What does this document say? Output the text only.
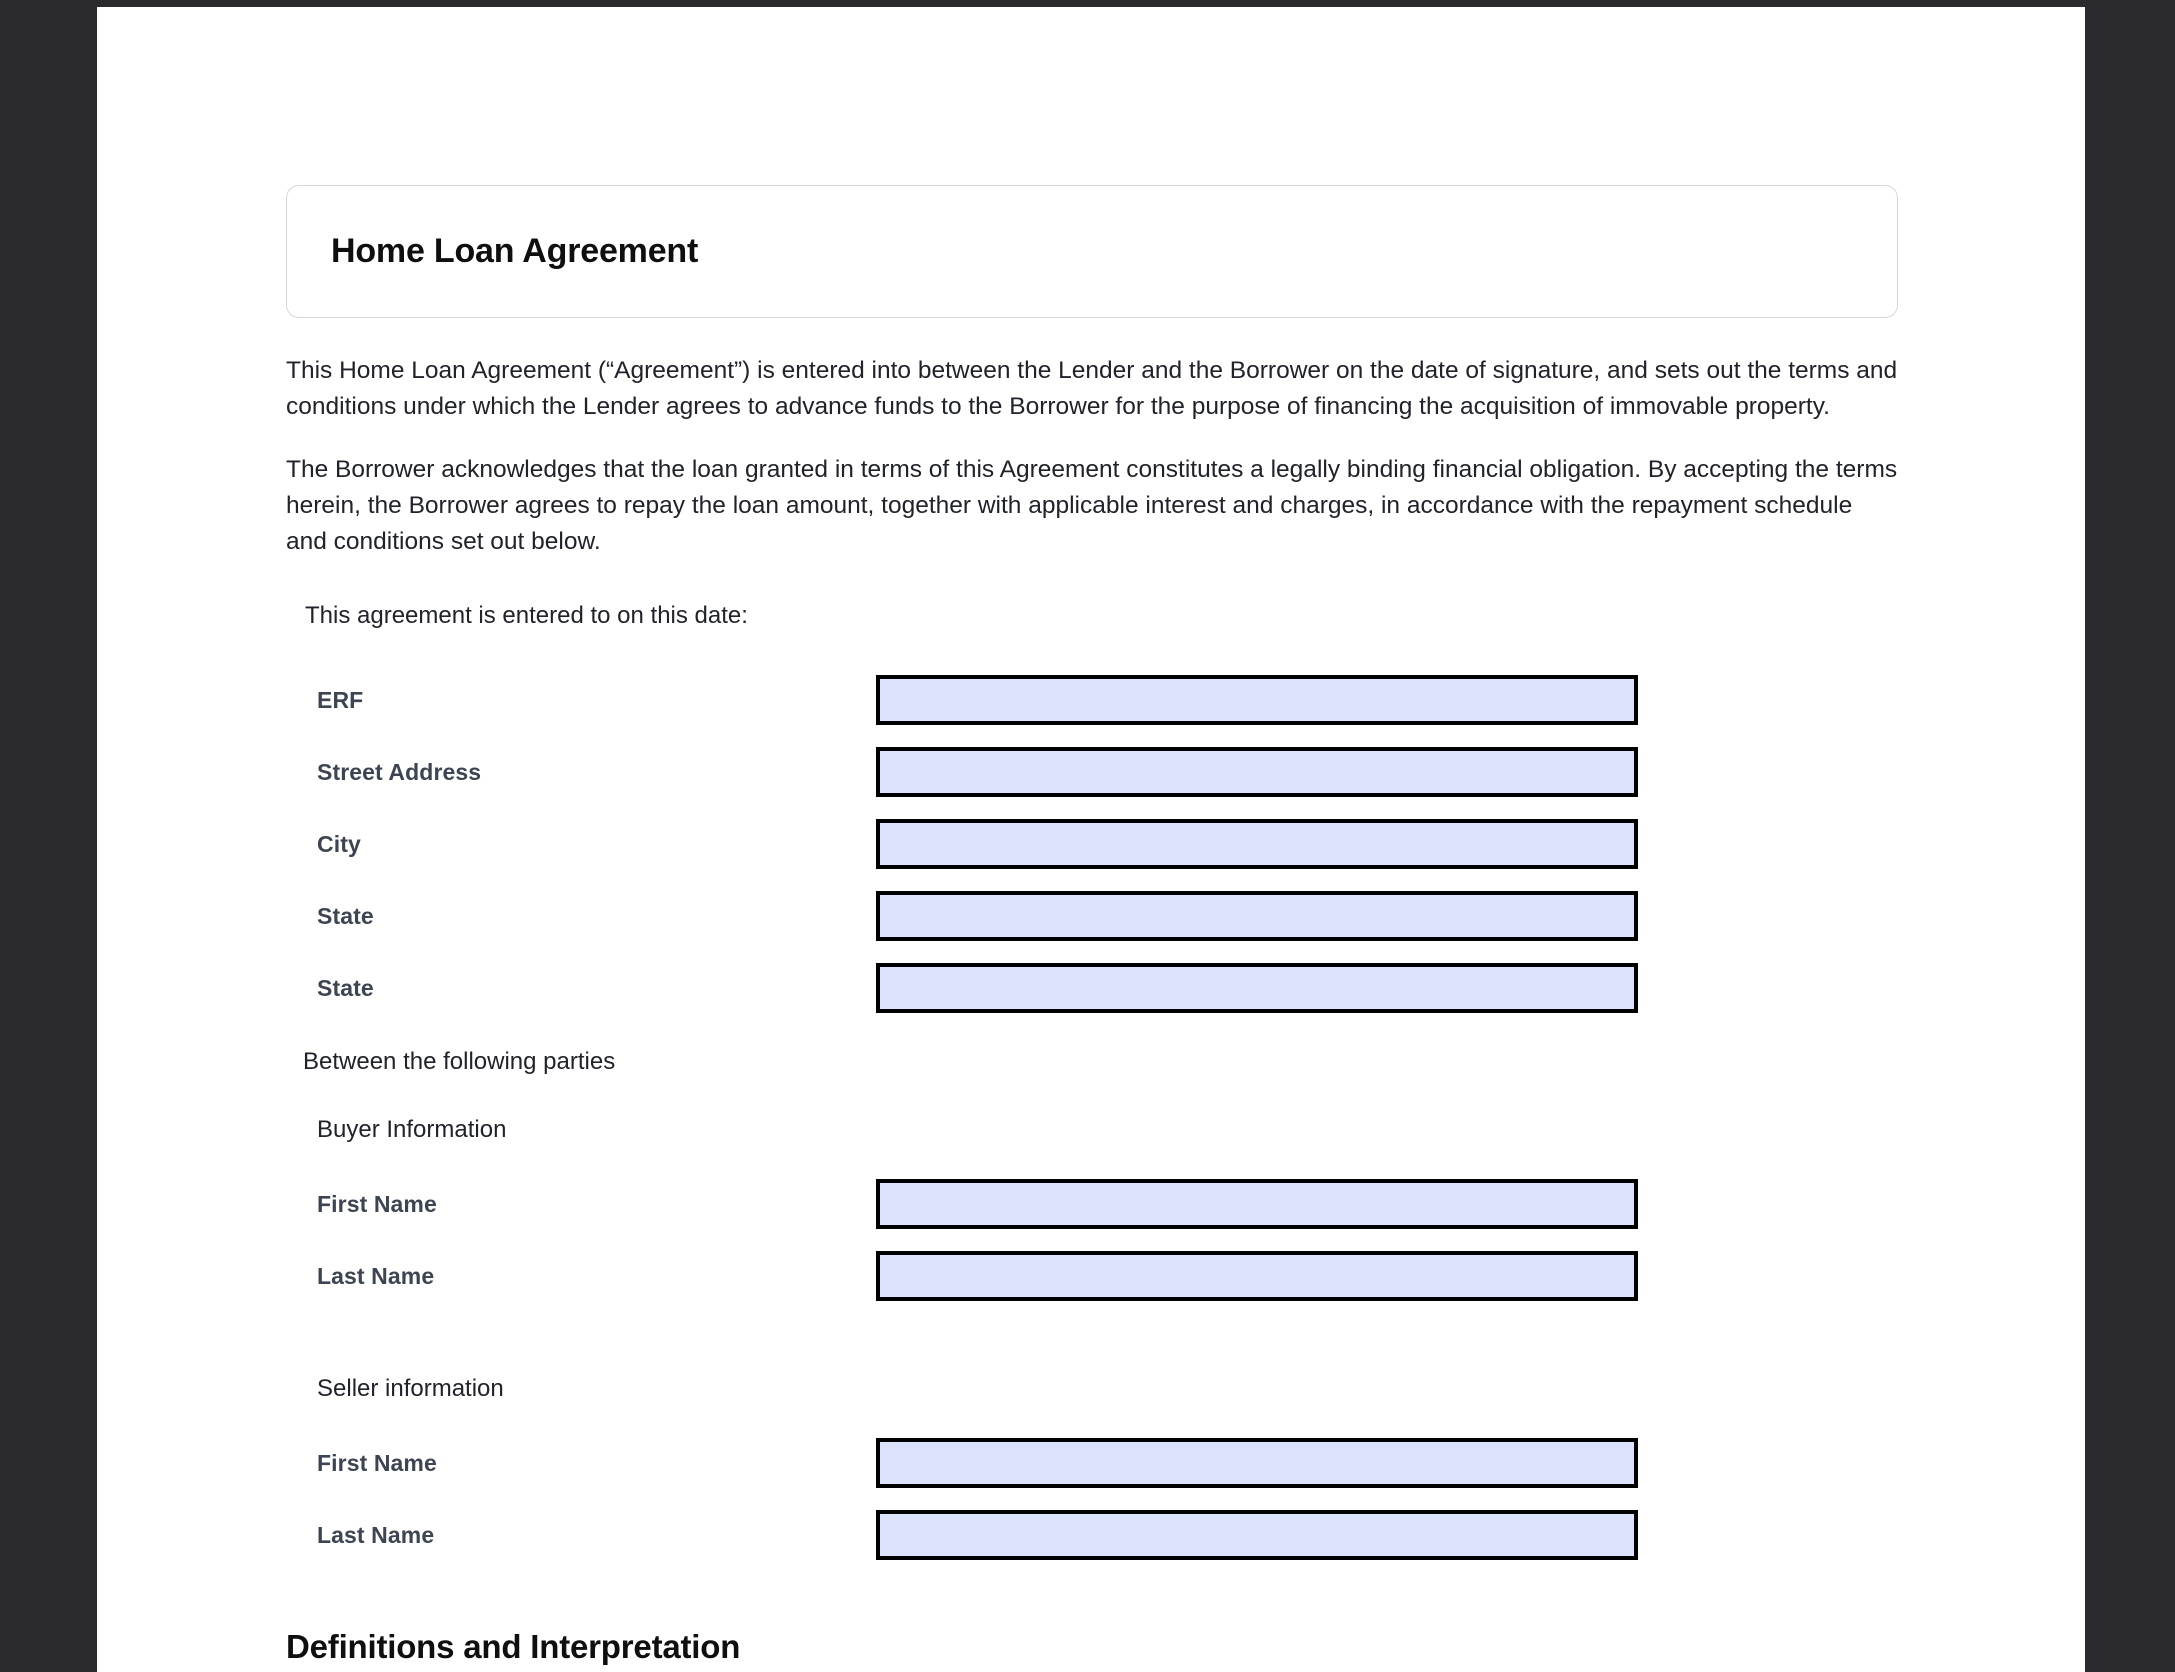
Home Loan Agreement

This Home Loan Agreement (“Agreement”) is entered into between the Lender and the Borrower on the date of signature, and sets out the terms and conditions under which the Lender agrees to advance funds to the Borrower for the purpose of financing the acquisition of immovable property.

The Borrower acknowledges that the loan granted in terms of this Agreement constitutes a legally binding financial obligation. By accepting the terms herein, the Borrower agrees to repay the loan amount, together with applicable interest and charges, in accordance with the repayment schedule and conditions set out below.

This agreement is entered to on this date:
ERF
Street Address
City
State
State
Between the following parties
Buyer Information
First Name
Last Name
Seller information
First Name
Last Name
Definitions and Interpretation
